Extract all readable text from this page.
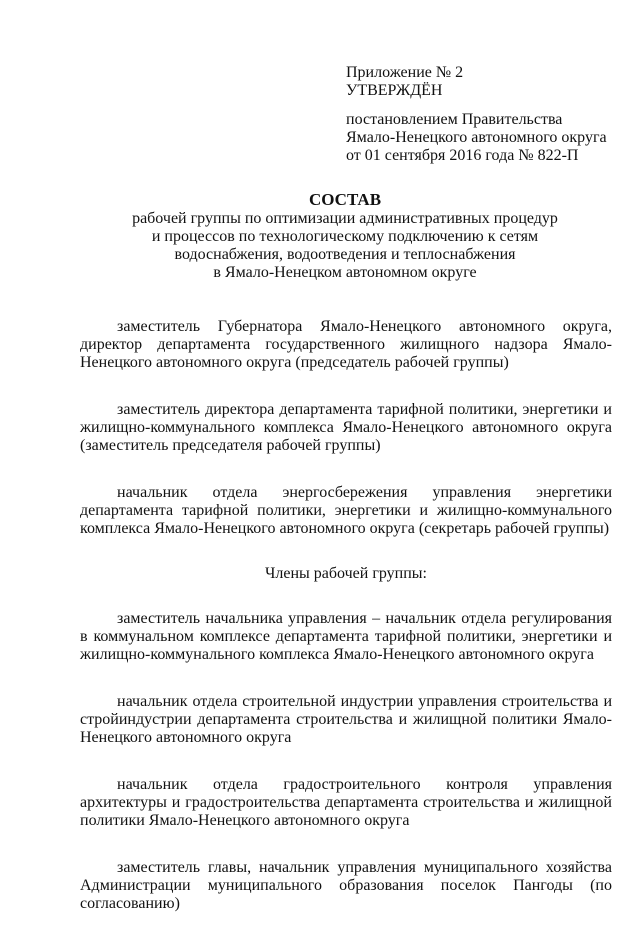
Приложение № 2
УТВЕРЖДЁН
постановлением Правительства
Ямало-Ненецкого автономного округа
от 01 сентября 2016 года № 822-П
СОСТАВ
рабочей группы по оптимизации административных процедур
и процессов по технологическому подключению к сетям
водоснабжения, водоотведения и теплоснабжения
в Ямало-Ненецком автономном округе

заместитель Губернатора Ямало-Ненецкого автономного округа, директор департамента государственного жилищного надзора Ямало-Ненецкого автономного округа (председатель рабочей группы)

заместитель директора департамента тарифной политики, энергетики и жилищно-коммунального комплекса Ямало-Ненецкого автономного округа (заместитель председателя рабочей группы)

начальник отдела энергосбережения управления энергетики департамента тарифной политики, энергетики и жилищно-коммунального комплекса Ямало-Ненецкого автономного округа (секретарь рабочей группы)

Члены рабочей группы:

заместитель начальника управления – начальник отдела регулирования в коммунальном комплексе департамента тарифной политики, энергетики и жилищно-коммунального комплекса Ямало-Ненецкого автономного округа

начальник отдела строительной индустрии управления строительства и стройиндустрии департамента строительства и жилищной политики Ямало-Ненецкого автономного округа

начальник отдела градостроительного контроля управления архитектуры и градостроительства департамента строительства и жилищной политики Ямало-Ненецкого автономного округа

заместитель главы, начальник управления муниципального хозяйства Администрации муниципального образования поселок Пангоды (по согласованию)
